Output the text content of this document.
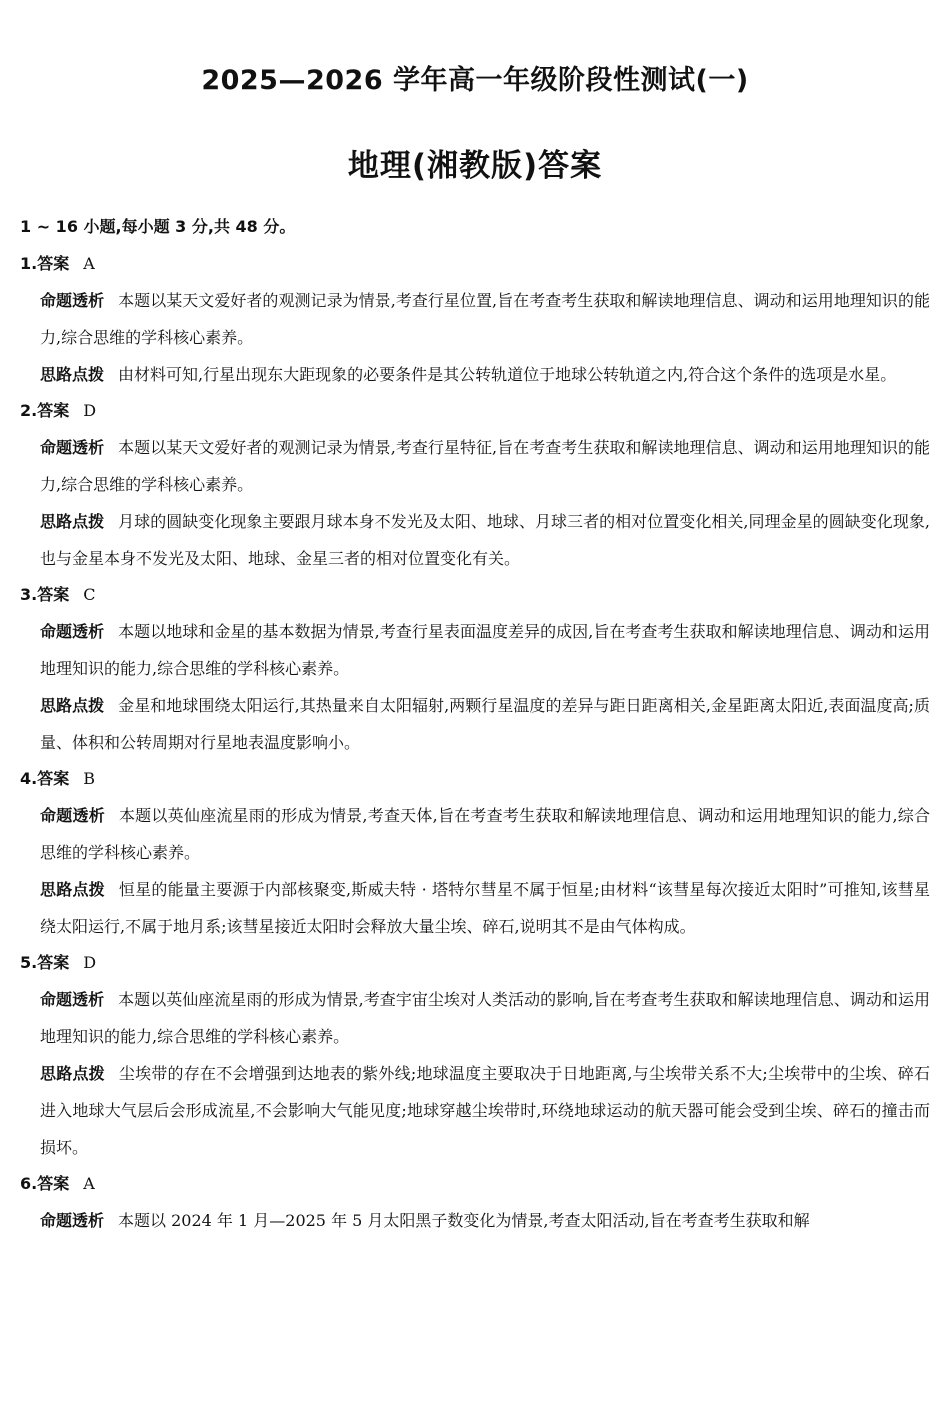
2025—2026 学年高一年级阶段性测试(一)
地理(湘教版)答案
1 ~ 16 小题,每小题 3 分,共 48 分。
1.答案 A
命题透析 本题以某天文爱好者的观测记录为情景,考查行星位置,旨在考查考生获取和解读地理信息、调动和运用地理知识的能力,综合思维的学科核心素养。
思路点拨 由材料可知,行星出现东大距现象的必要条件是其公转轨道位于地球公转轨道之内,符合这个条件的选项是水星。
2.答案 D
命题透析 本题以某天文爱好者的观测记录为情景,考查行星特征,旨在考查考生获取和解读地理信息、调动和运用地理知识的能力,综合思维的学科核心素养。
思路点拨 月球的圆缺变化现象主要跟月球本身不发光及太阳、地球、月球三者的相对位置变化相关,同理金星的圆缺变化现象,也与金星本身不发光及太阳、地球、金星三者的相对位置变化有关。
3.答案 C
命题透析 本题以地球和金星的基本数据为情景,考查行星表面温度差异的成因,旨在考查考生获取和解读地理信息、调动和运用地理知识的能力,综合思维的学科核心素养。
思路点拨 金星和地球围绕太阳运行,其热量来自太阳辐射,两颗行星温度的差异与距日距离相关,金星距离太阳近,表面温度高;质量、体积和公转周期对行星地表温度影响小。
4.答案 B
命题透析 本题以英仙座流星雨的形成为情景,考查天体,旨在考查考生获取和解读地理信息、调动和运用地理知识的能力,综合思维的学科核心素养。
思路点拨 恒星的能量主要源于内部核聚变,斯威夫特 · 塔特尔彗星不属于恒星;由材料“该彗星每次接近太阳时”可推知,该彗星绕太阳运行,不属于地月系;该彗星接近太阳时会释放大量尘埃、碎石,说明其不是由气体构成。
5.答案 D
命题透析 本题以英仙座流星雨的形成为情景,考查宇宙尘埃对人类活动的影响,旨在考查考生获取和解读地理信息、调动和运用地理知识的能力,综合思维的学科核心素养。
思路点拨 尘埃带的存在不会增强到达地表的紫外线;地球温度主要取决于日地距离,与尘埃带关系不大;尘埃带中的尘埃、碎石进入地球大气层后会形成流星,不会影响大气能见度;地球穿越尘埃带时,环绕地球运动的航天器可能会受到尘埃、碎石的撞击而损坏。
6.答案 A
命题透析 本题以 2024 年 1 月—2025 年 5 月太阳黑子数变化为情景,考查太阳活动,旨在考查考生获取和解
